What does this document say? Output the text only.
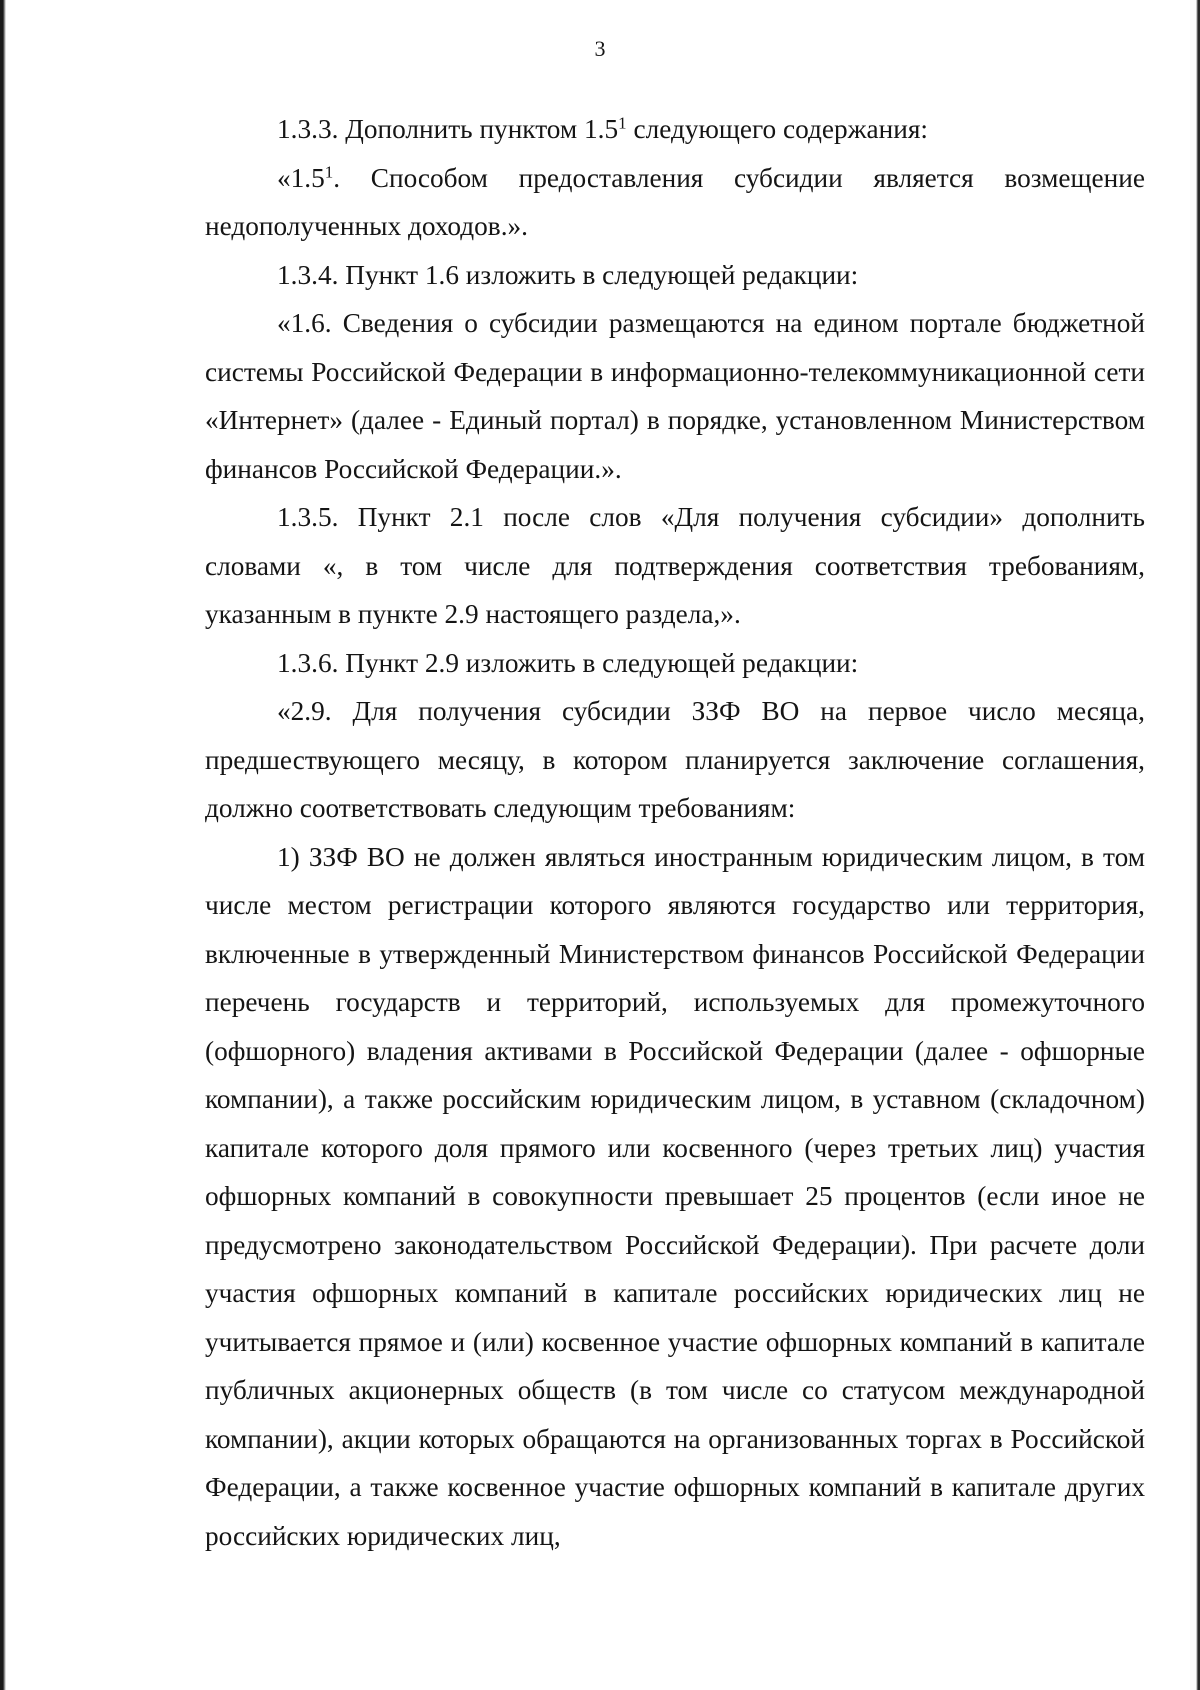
3

1.3.3. Дополнить пунктом $1.5^1$ следующего содержания:

«$1.5^1$. Способом предоставления субсидии является возмещение недополученных доходов.».

1.3.4. Пункт 1.6 изложить в следующей редакции:

«1.6. Сведения о субсидии размещаются на едином портале бюджетной системы Российской Федерации в информационно-телекоммуникационной сети «Интернет» (далее - Единый портал) в порядке, установленном Министерством финансов Российской Федерации.».

1.3.5. Пункт 2.1 после слов «Для получения субсидии» дополнить словами «, в том числе для подтверждения соответствия требованиям, указанным в пункте 2.9 настоящего раздела,».

1.3.6. Пункт 2.9 изложить в следующей редакции:

«2.9. Для получения субсидии ЗЗФ ВО на первое число месяца, предшествующего месяцу, в котором планируется заключение соглашения, должно соответствовать следующим требованиям:

1) ЗЗФ ВО не должен являться иностранным юридическим лицом, в том числе местом регистрации которого являются государство или территория, включенные в утвержденный Министерством финансов Российской Федерации перечень государств и территорий, используемых для промежуточного (офшорного) владения активами в Российской Федерации (далее - офшорные компании), а также российским юридическим лицом, в уставном (складочном) капитале которого доля прямого или косвенного (через третьих лиц) участия офшорных компаний в совокупности превышает 25 процентов (если иное не предусмотрено законодательством Российской Федерации). При расчете доли участия офшорных компаний в капитале российских юридических лиц не учитывается прямое и (или) косвенное участие офшорных компаний в капитале публичных акционерных обществ (в том числе со статусом международной компании), акции которых обращаются на организованных торгах в Российской Федерации, а также косвенное участие офшорных компаний в капитале других российских юридических лиц,
